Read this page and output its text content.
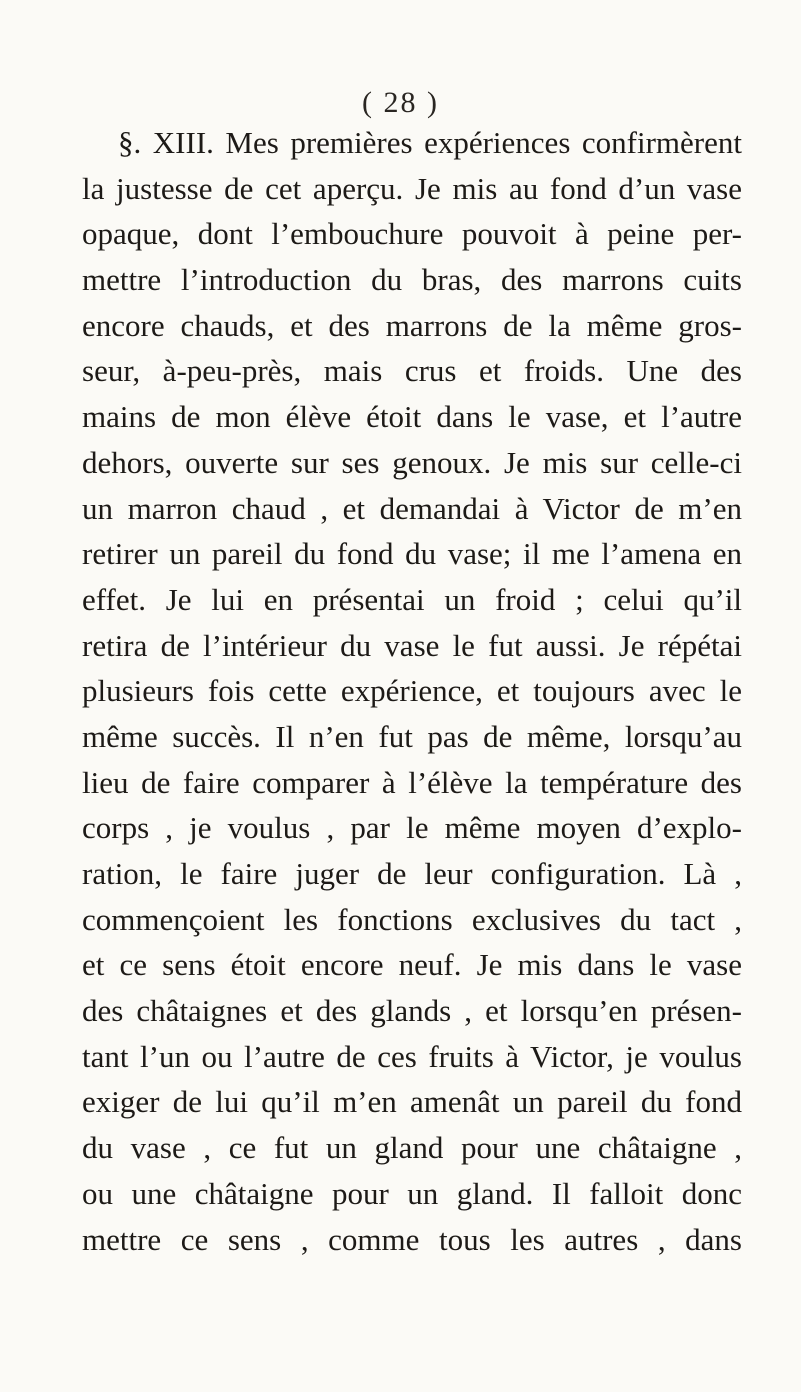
( 28 )
§. XIII. Mes premières expériences confirmèrent
la justesse de cet aperçu. Je mis au fond d’un vase
opaque, dont l’embouchure pouvoit à peine per-
mettre l’introduction du bras, des marrons cuits
encore chauds, et des marrons de la même gros-
seur, à-peu-près, mais crus et froids. Une des
mains de mon élève étoit dans le vase, et l’autre
dehors, ouverte sur ses genoux. Je mis sur celle-ci
un marron chaud , et demandai à Victor de m’en
retirer un pareil du fond du vase; il me l’amena en
effet. Je lui en présentai un froid ; celui qu’il
retira de l’intérieur du vase le fut aussi. Je répétai
plusieurs fois cette expérience, et toujours avec le
même succès. Il n’en fut pas de même, lorsqu’au
lieu de faire comparer à l’élève la température des
corps , je voulus , par le même moyen d’explo-
ration, le faire juger de leur configuration. Là ,
commençoient les fonctions exclusives du tact ,
et ce sens étoit encore neuf. Je mis dans le vase
des châtaignes et des glands , et lorsqu’en présen-
tant l’un ou l’autre de ces fruits à Victor, je voulus
exiger de lui qu’il m’en amenât un pareil du fond
du vase , ce fut un gland pour une châtaigne ,
ou une châtaigne pour un gland. Il falloit donc
mettre ce sens , comme tous les autres , dans
